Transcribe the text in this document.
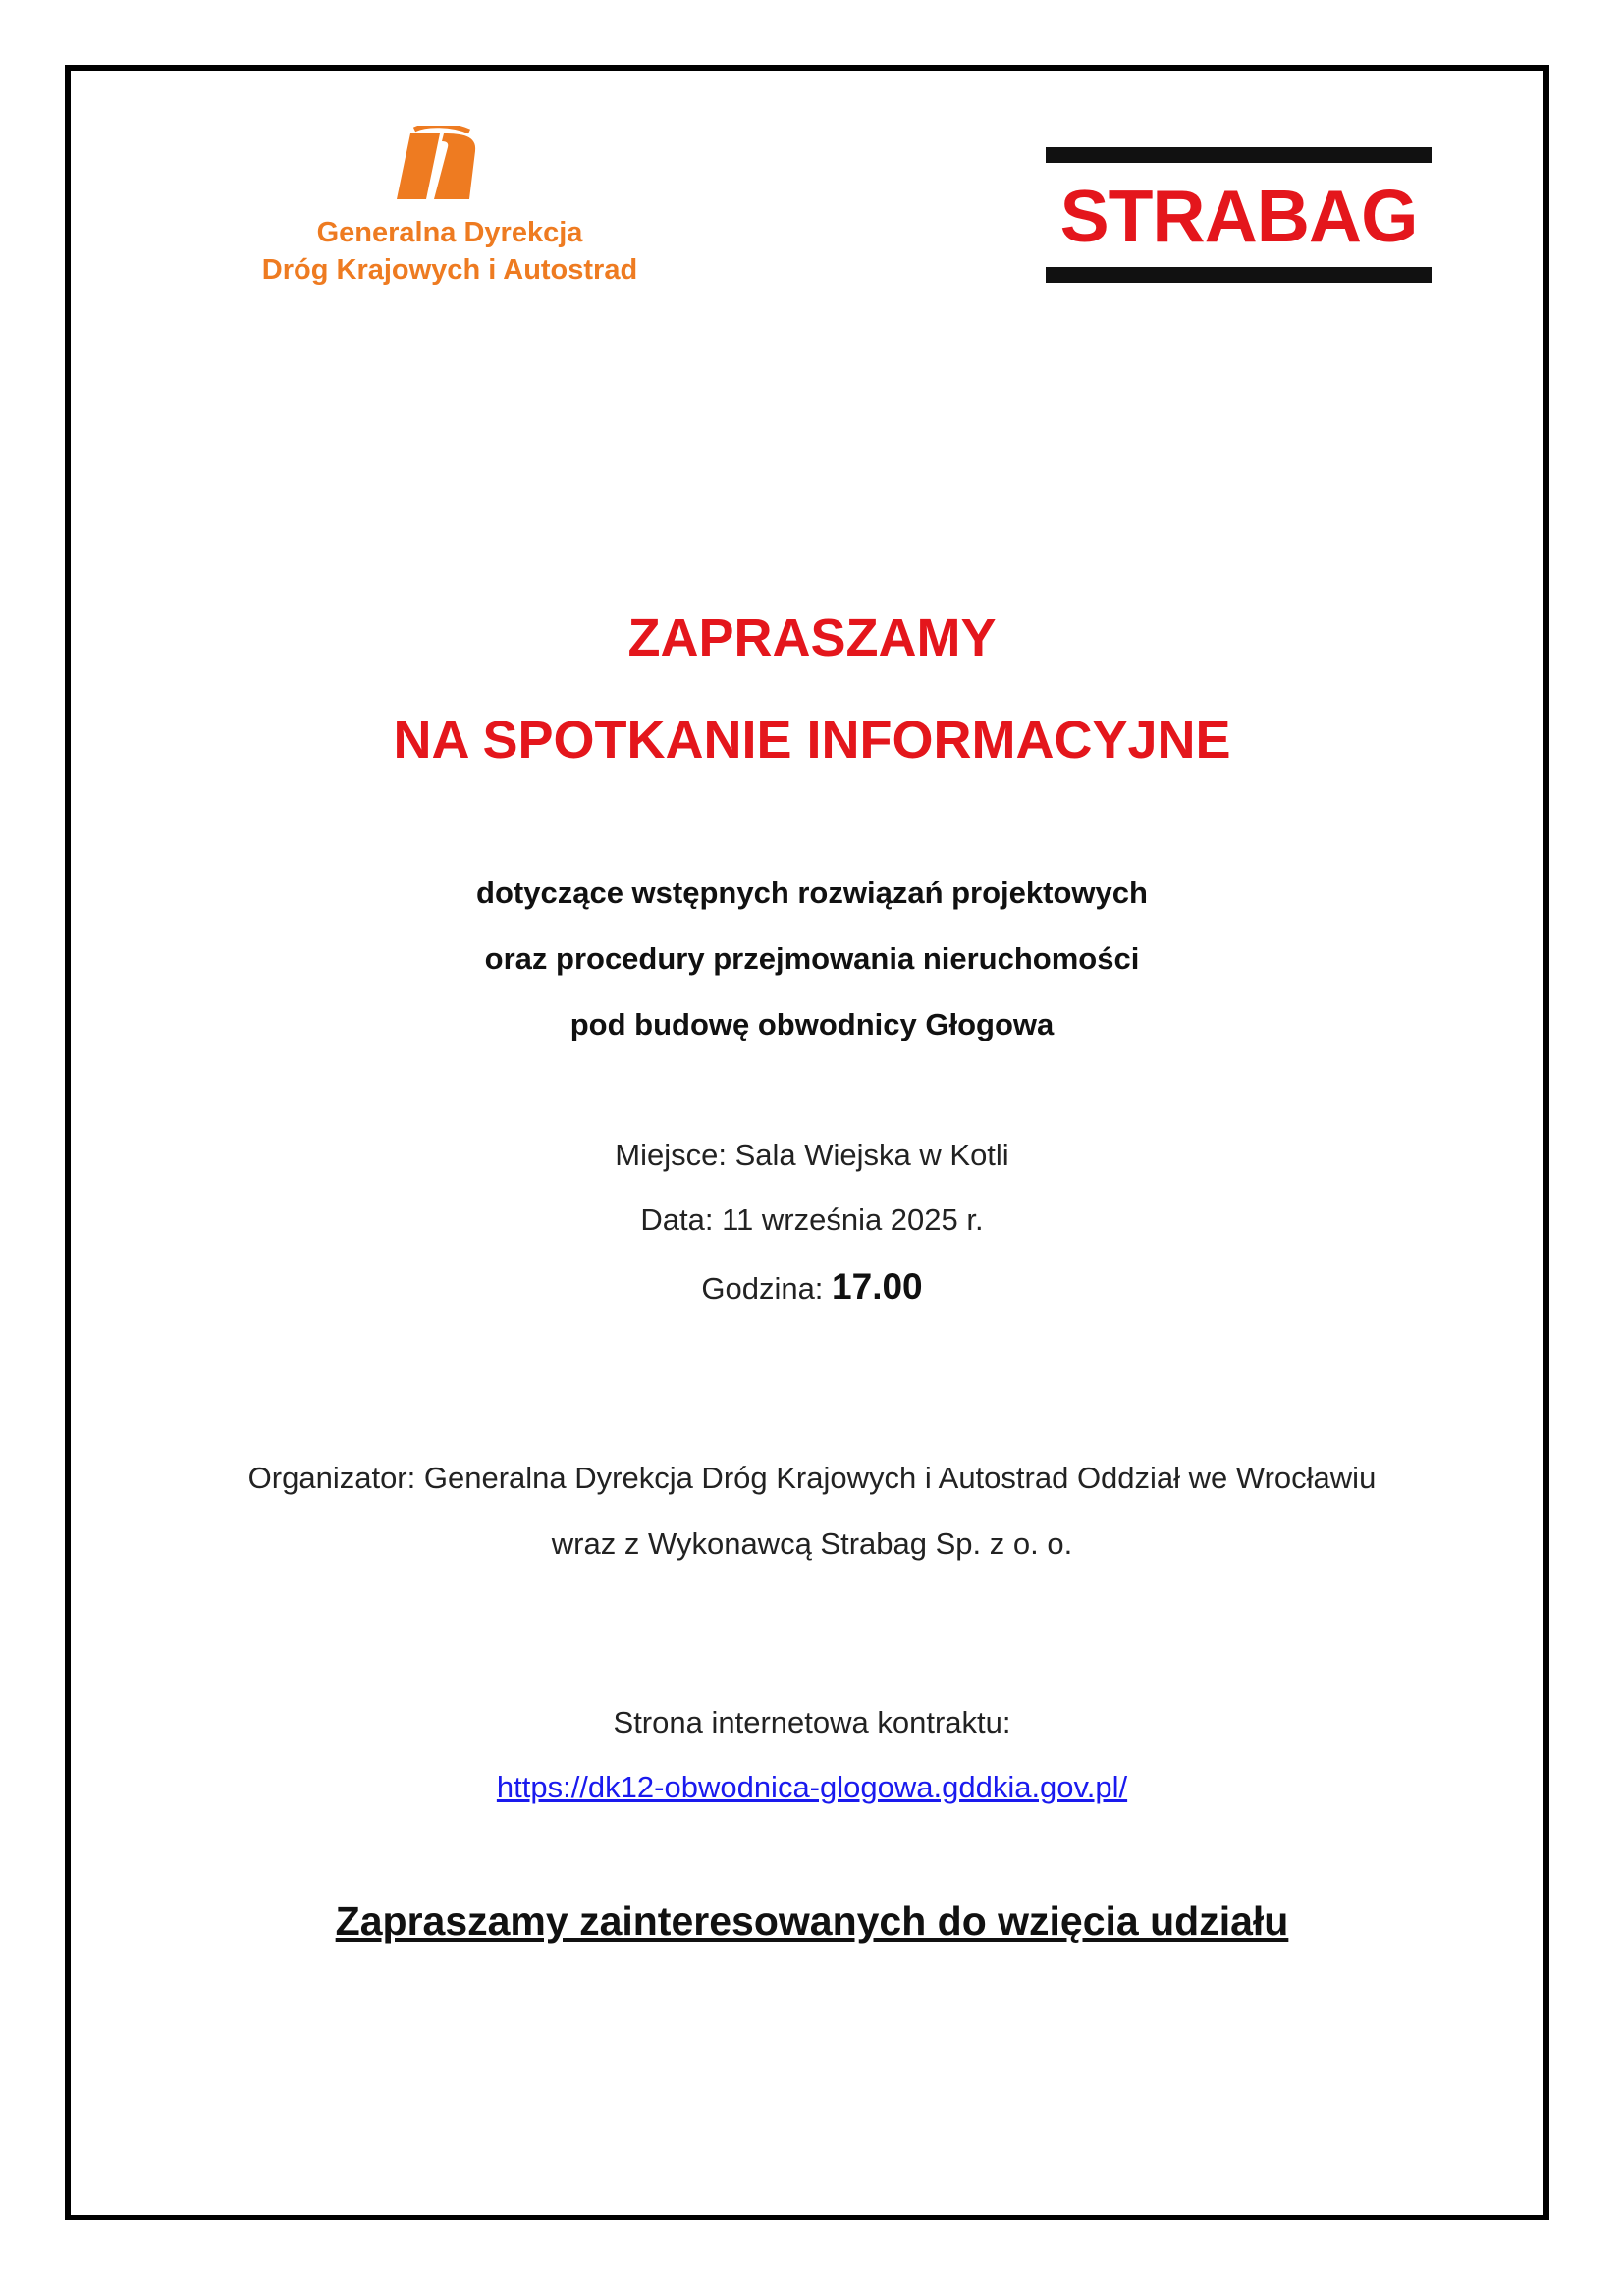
Generalna Dyrekcja
Dróg Krajowych i Autostrad
STRABAG
ZAPRASZAMY
NA SPOTKANIE INFORMACYJNE
dotyczące wstępnych rozwiązań projektowych
oraz procedury przejmowania nieruchomości
pod budowę obwodnicy Głogowa
Miejsce: Sala Wiejska w Kotli
Data: 11 września 2025 r.
Godzina: 17.00
Organizator: Generalna Dyrekcja Dróg Krajowych i Autostrad Oddział we Wrocławiu
wraz z Wykonawcą Strabag Sp. z o. o.
Strona internetowa kontraktu:
https://dk12-obwodnica-glogowa.gddkia.gov.pl/
Zapraszamy zainteresowanych do wzięcia udziału
